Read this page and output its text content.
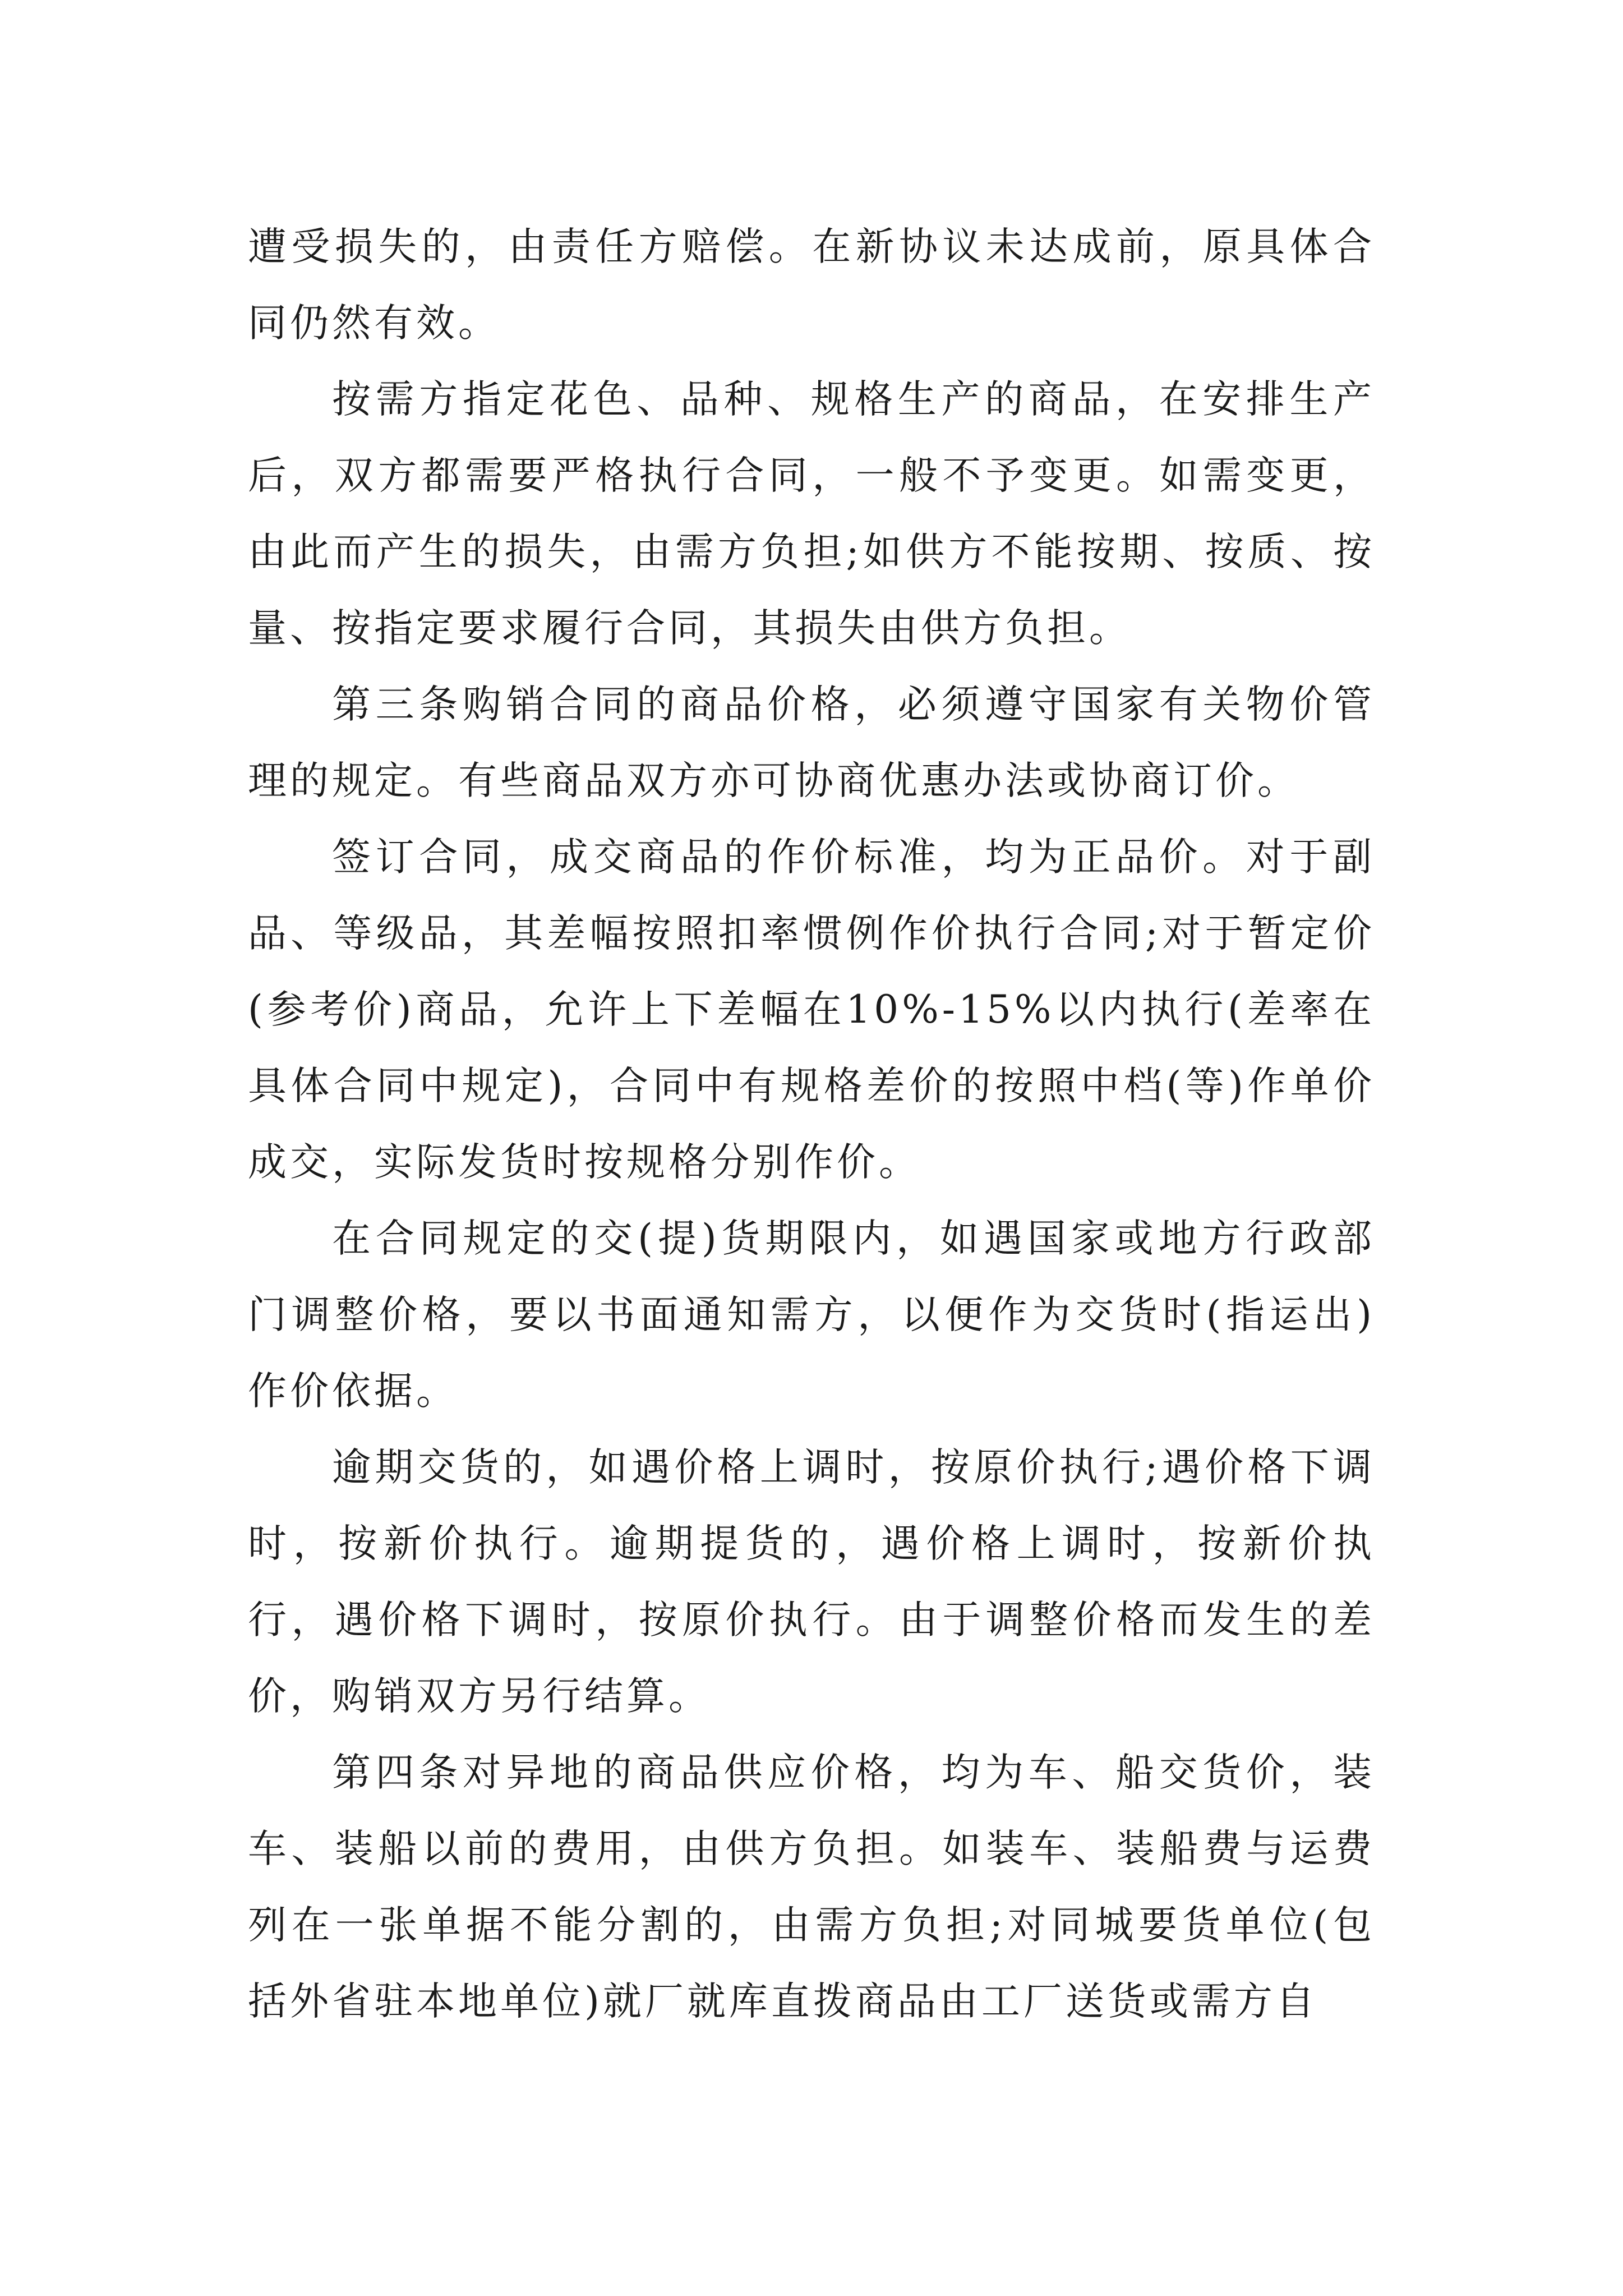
遭受损失的，由责任方赔偿。在新协议未达成前，原具体合同仍然有效。

按需方指定花色、品种、规格生产的商品，在安排生产后，双方都需要严格执行合同，一般不予变更。如需变更，由此而产生的损失，由需方负担;如供方不能按期、按质、按量、按指定要求履行合同，其损失由供方负担。

第三条购销合同的商品价格，必须遵守国家有关物价管理的规定。有些商品双方亦可协商优惠办法或协商订价。

签订合同，成交商品的作价标准，均为正品价。对于副品、等级品，其差幅按照扣率惯例作价执行合同;对于暂定价(参考价)商品，允许上下差幅在10%-15%以内执行(差率在具体合同中规定)，合同中有规格差价的按照中档(等)作单价成交，实际发货时按规格分别作价。

在合同规定的交(提)货期限内，如遇国家或地方行政部门调整价格，要以书面通知需方，以便作为交货时(指运出)作价依据。

逾期交货的，如遇价格上调时，按原价执行;遇价格下调时，按新价执行。逾期提货的，遇价格上调时，按新价执行，遇价格下调时，按原价执行。由于调整价格而发生的差价，购销双方另行结算。

第四条对异地的商品供应价格，均为车、船交货价，装车、装船以前的费用，由供方负担。如装车、装船费与运费列在一张单据不能分割的，由需方负担;对同城要货单位(包括外省驻本地单位)就厂就库直拨商品由工厂送货或需方自
